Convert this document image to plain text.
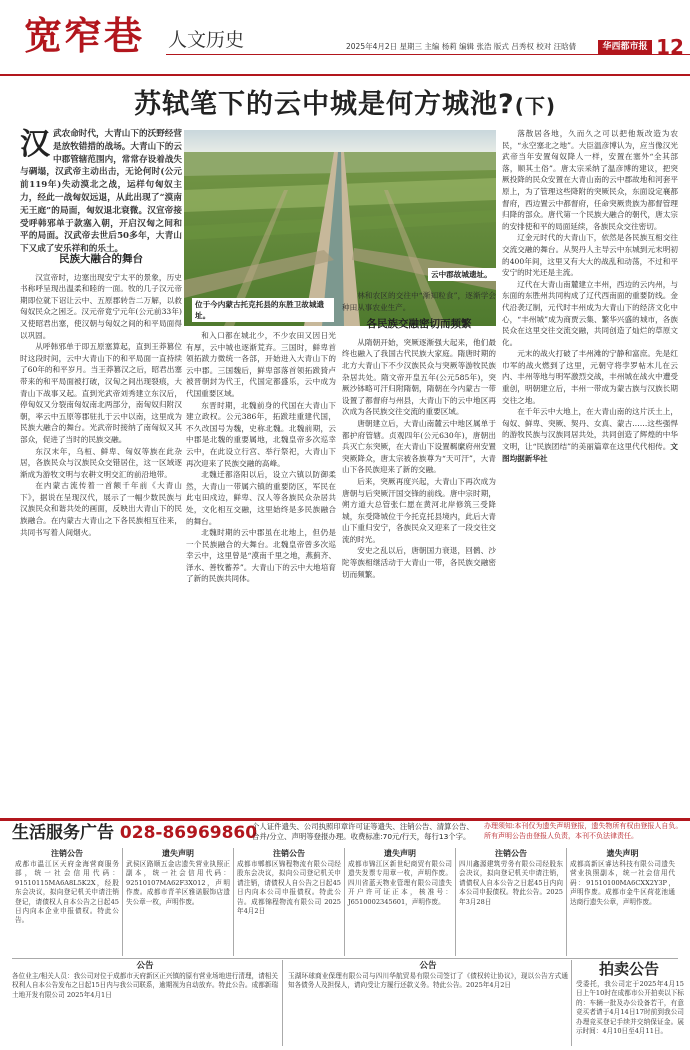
宽窄巷 人文历史	2025年4月2日 星期三 主编 杨莉 编辑 张浩 版式 吕秀权 校对 汪晗倩	华西都市报 12
苏轼笔下的云中城是何方城池?(下)
汉武农命时代，大青山下的沃野经营是放牧错措的战场。大青山下的云中郡管辖范围内，常常存设着战失与碉塌，汉武帝主动出击，无论何时(公元前119年)失动漠北之战，运样句匈奴主力，经此一战匈奴远退，从此出现了“漠南无王庭”的局面，匈奴退北衰微。汉宣帝接受呼韩邪单于款塞入朝，开启汉匈之间和平的局面。汉武帝去世后50多年，大青山下又成了安乐祥和的乐土。
民族大融合的舞台

汉宣帝时，边塞出现安宁太平的景象，历史书称呼呈现出温柔和睦的一面。牧的几子汉元帝期即位就下诏让云中、五原郡转告二万解，以救匈奴民众之困乏。汉元帝竟宁元年(公元前33年)又使昭君出塞，使汉朝与匈奴之间的和平局面得以巩固。

从呼韩邪单于即五原塞算起，直到王莽篡位时这段时间，云中大青山下的和平局面一直持续了60年的和平岁月。当王莽篡汉之后，昭君出塞带来的和平局面被打破，汉匈之间出现裂痕，大青山下战事又起。直到光武帝刘秀建立东汉后，停匈奴又分裂南匈奴南北两部分，南匈奴归附汉朝，率云中五原等郡驻扎于云中以南，这里成为民族大融合的舞台。光武帝时接纳了南匈奴又其部众，促进了当时的民族交融。

东汉末年，乌桓、鲜卑、匈奴等族在此杂居，各族民众与汉族民众交错居住，这一区域逐渐成为游牧文明与农耕文明交汇的前沿地带。

在内蒙古流传着一首额千年前《大青山下》，据说在呈现汉代，展示了一幅少数民族与汉族民众和谐共处的画面，反映出大青山下的民族融合。在内蒙古大青山之下各民族相互往来，共同书写着人间烟火。

位于今内蒙古托克托县的东胜卫故城遗址。
云中郡故城遗址。

和入口都在城北少，不少农田又因日光有厚，云中城也逐渐荒弃。三国时，鲜卑首领拓跋力微统一各部，开始进入大青山下的云中郡。三国魏后，鲜卑部落首领拓跋猗卢被晋朝封为代王，代国定都盛乐，云中成为代国重要区域。

东晋时期，北魏前身的代国在大青山下建立政权。公元386年，拓跋珪重建代国，不久改国号为魏，史称北魏。北魏前期，云中郡是北魏的重要属地，北魏皇帝多次巡幸云中，在此设立行宫、举行祭祀，大青山下再次迎来了民族交融的高峰。

北魏迁都洛阳以后，设立六镇以防御柔然，大青山一带属六镇的重要防区，军民在此屯田戍边，鲜卑、汉人等各族民众杂居共处，文化相互交融，这里始终是多民族融合的舞台。

北魏时期的云中郡虽在北地上，但仍是一个民族融合的大舞台。北魏皇帝曾多次巡幸云中，这里曾是“漠南千里之地，燕蓟齐、泽水、善牧蓄养”。大青山下的云中大地培育了新的民族共同体。

林和农区的交往中“渐知粒食”，逐渐学会种田从事农业生产。

各民族交融密切而频繁

从隋朝开始，突厥逐渐强大起来，他们最终也融入了我国古代民族大家庭。隋唐时期的北方大青山下不少汉族民众与突厥等游牧民族杂居共处。隋文帝开皇五年(公元585年)，突厥沙钵略可汗归附隋朝，隋朝在今内蒙古一带设置了都督府与州县，大青山下的云中地区再次成为各民族交往交流的重要区域。

唐朝建立后，大青山南麓云中地区属单于都护府管辖。贞观四年(公元630年)，唐朝出兵灭亡东突厥，在大青山下设置羁縻府州安置突厥降众，唐太宗被各族尊为“天可汗”，大青山下各民族迎来了新的交融。

后来，突厥再度兴起，大青山下再次成为唐朝与后突厥汗国交锋的前线。唐中宗时期，朔方道大总管张仁愿在黄河北岸修筑三受降城，东受降城位于今托克托县境内，此后大青山下重归安宁，各族民众又迎来了一段交往交流的时光。

安史之乱以后，唐朝国力衰退，回鹘、沙陀等族相继活动于大青山一带，各民族交融密切而频繁。

落散居各地，久而久之可以把他叛改造为农民，“永空塞北之地”。大臣温彦博认为，应当像汉光武帝当年安置匈奴降人一样，安置在塞外“全其部落，顺其土俗”。唐太宗采纳了温彦博的建议，把突厥投降的民众安置在大青山南的云中郡故地和河套平原上，为了管理这些降附的突厥民众，东面设定襄都督府，西边置云中都督府，任命突厥贵族为都督管理归降的部众。唐代第一个民族大融合的朝代，唐太宗的安排使和平的局面延续，各族民众交往密切。

辽金元时代的大青山下，依然是各民族互相交往交流交融的舞台。从契丹人主导云中东城到元末明初的400年间，这里又有大大的战乱和动荡，不过和平安宁的时光还是主流。

辽代在大青山南麓建立丰州，西边的云内州，与东面的东胜州共同构成了辽代西南面的重要防线。金代沿袭辽制，元代时丰州成为大青山下的经济文化中心，“丰州城”成为商贾云集、繁华兴盛的城市，各族民众在这里交往交流交融，共同创造了灿烂的草原文化。

元末的战火打破了丰州滩的宁静和富庶。先是红巾军的战火燃到了这里，元朝守将孛罗帖木儿在云内、丰州等地与明军激烈交战，丰州城在战火中遭受重创，明朝建立后，丰州一带成为蒙古族与汉族长期交往之地。

在千年云中大地上，在大青山南的这片沃土上，匈奴、鲜卑、突厥、契丹、女真、蒙古……这些强悍的游牧民族与汉族同居共处，共同创造了辉煌的中华文明，让“民族团结”的美丽篇章在这里代代相传。文图均据新华社

生活服务广告 028-86969860
个人证件遗失、公司执照印章许可证等遗失、注销公告、清算公告、合并/分立、声明等登报办理。收费标准:70元/行天，每行13个字。
办理须知:本刊仅为遗失声明登报，遗失物所有权由登报人自负。所有声明公告由登报人负责，本刊不负法律责任。
注销公告
成都市温江区天府金海营商服务部，统一社会信用代码：91510115MA6A8L5K2X，经股东会决议，拟向登记机关申请注销登记，请债权人自本公告之日起45日内向本企业申报债权。特此公告。
遗失声明
武侯区路顺五金店遗失营业执照正副本，统一社会信用代码：92510107MA62F3X012，声明作废。成都市青羊区雅诺服饰店遗失公章一枚，声明作废。
注销公告
成都市郫都区锦程物流有限公司经股东会决议，拟向公司登记机关申请注销，请债权人自公告之日起45日内向本公司申报债权。特此公告。成都锦程物流有限公司 2025年4月2日
遗失声明
成都市锦江区新世纪商贸有限公司遗失发票专用章一枚，声明作废。四川省蓝天物业管理有限公司遗失开户许可证正本，核准号：J6510002345601，声明作废。
注销公告
四川鑫源建筑劳务有限公司经股东会决议，拟向登记机关申请注销，请债权人自本公告之日起45日内向本公司申报债权。特此公告。2025年3月28日
遗失声明
成都高新区睿达科技有限公司遗失营业执照副本，统一社会信用代码：91510100MA6CXX2Y3P，声明作废。成都市金牛区荷花池通达商行遗失公章，声明作废。
公告
各位业主/相关人员：我公司对位于成都市天府新区正兴镇的原有营业场地进行清理，请相关权利人自本公告发布之日起15日内与我公司联系，逾期视为自动放弃。特此公告。成都新瑞土地开发有限公司 2025年4月1日
公告
玉湖环球商业保理有限公司与四川华航贸易有限公司签订了《债权转让协议》，现以公告方式通知各债务人及担保人，请向受让方履行还款义务。特此公告。2025年4月2日
拍卖公告
受委托，我公司定于2025年4月15日上午10时在成都市公开拍卖以下标的：车辆一批及办公设备若干，有意竞买者请于4月14日17时前到我公司办理竞买登记手续并交纳保证金。展示时间：4月10日至4月11日。
